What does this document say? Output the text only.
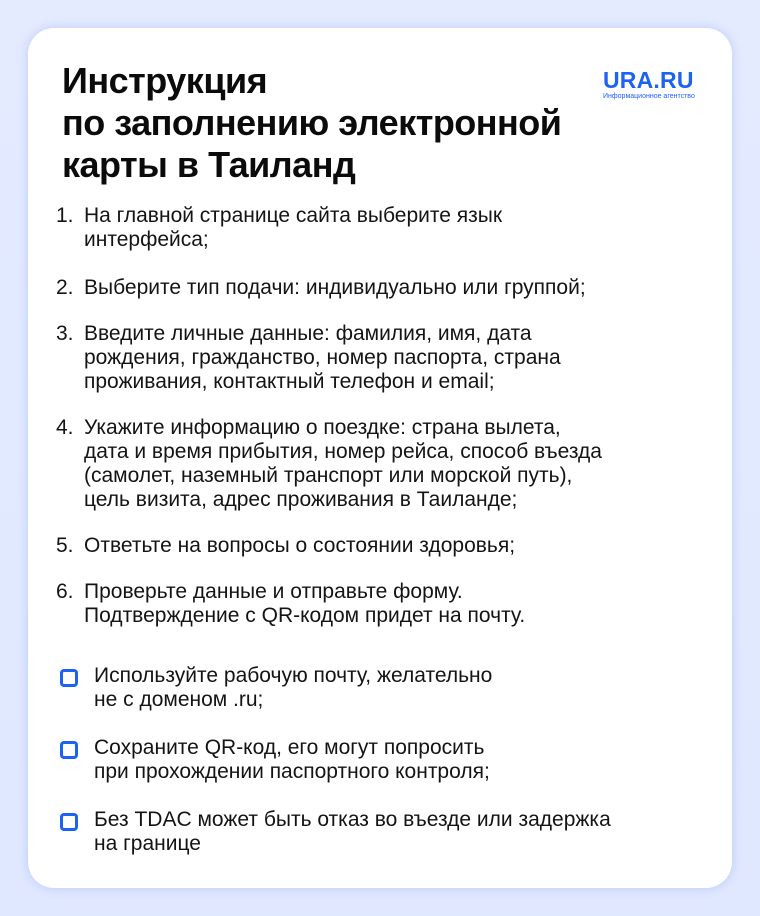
Инструкция
по заполнению электронной
карты в Таиланд
URA.RU
Информационное агентство
1. На главной странице сайта выберите язык
интерфейса;
2. Выберите тип подачи: индивидуально или группой;
3. Введите личные данные: фамилия, имя, дата
рождения, гражданство, номер паспорта, страна
проживания, контактный телефон и email;
4. Укажите информацию о поездке: страна вылета,
дата и время прибытия, номер рейса, способ въезда
(самолет, наземный транспорт или морской путь),
цель визита, адрес проживания в Таиланде;
5. Ответьте на вопросы о состоянии здоровья;
6. Проверьте данные и отправьте форму.
Подтверждение с QR-кодом придет на почту.
Используйте рабочую почту, желательно
не с доменом .ru;
Сохраните QR-код, его могут попросить
при прохождении паспортного контроля;
Без TDAC может быть отказ во въезде или задержка
на границе
